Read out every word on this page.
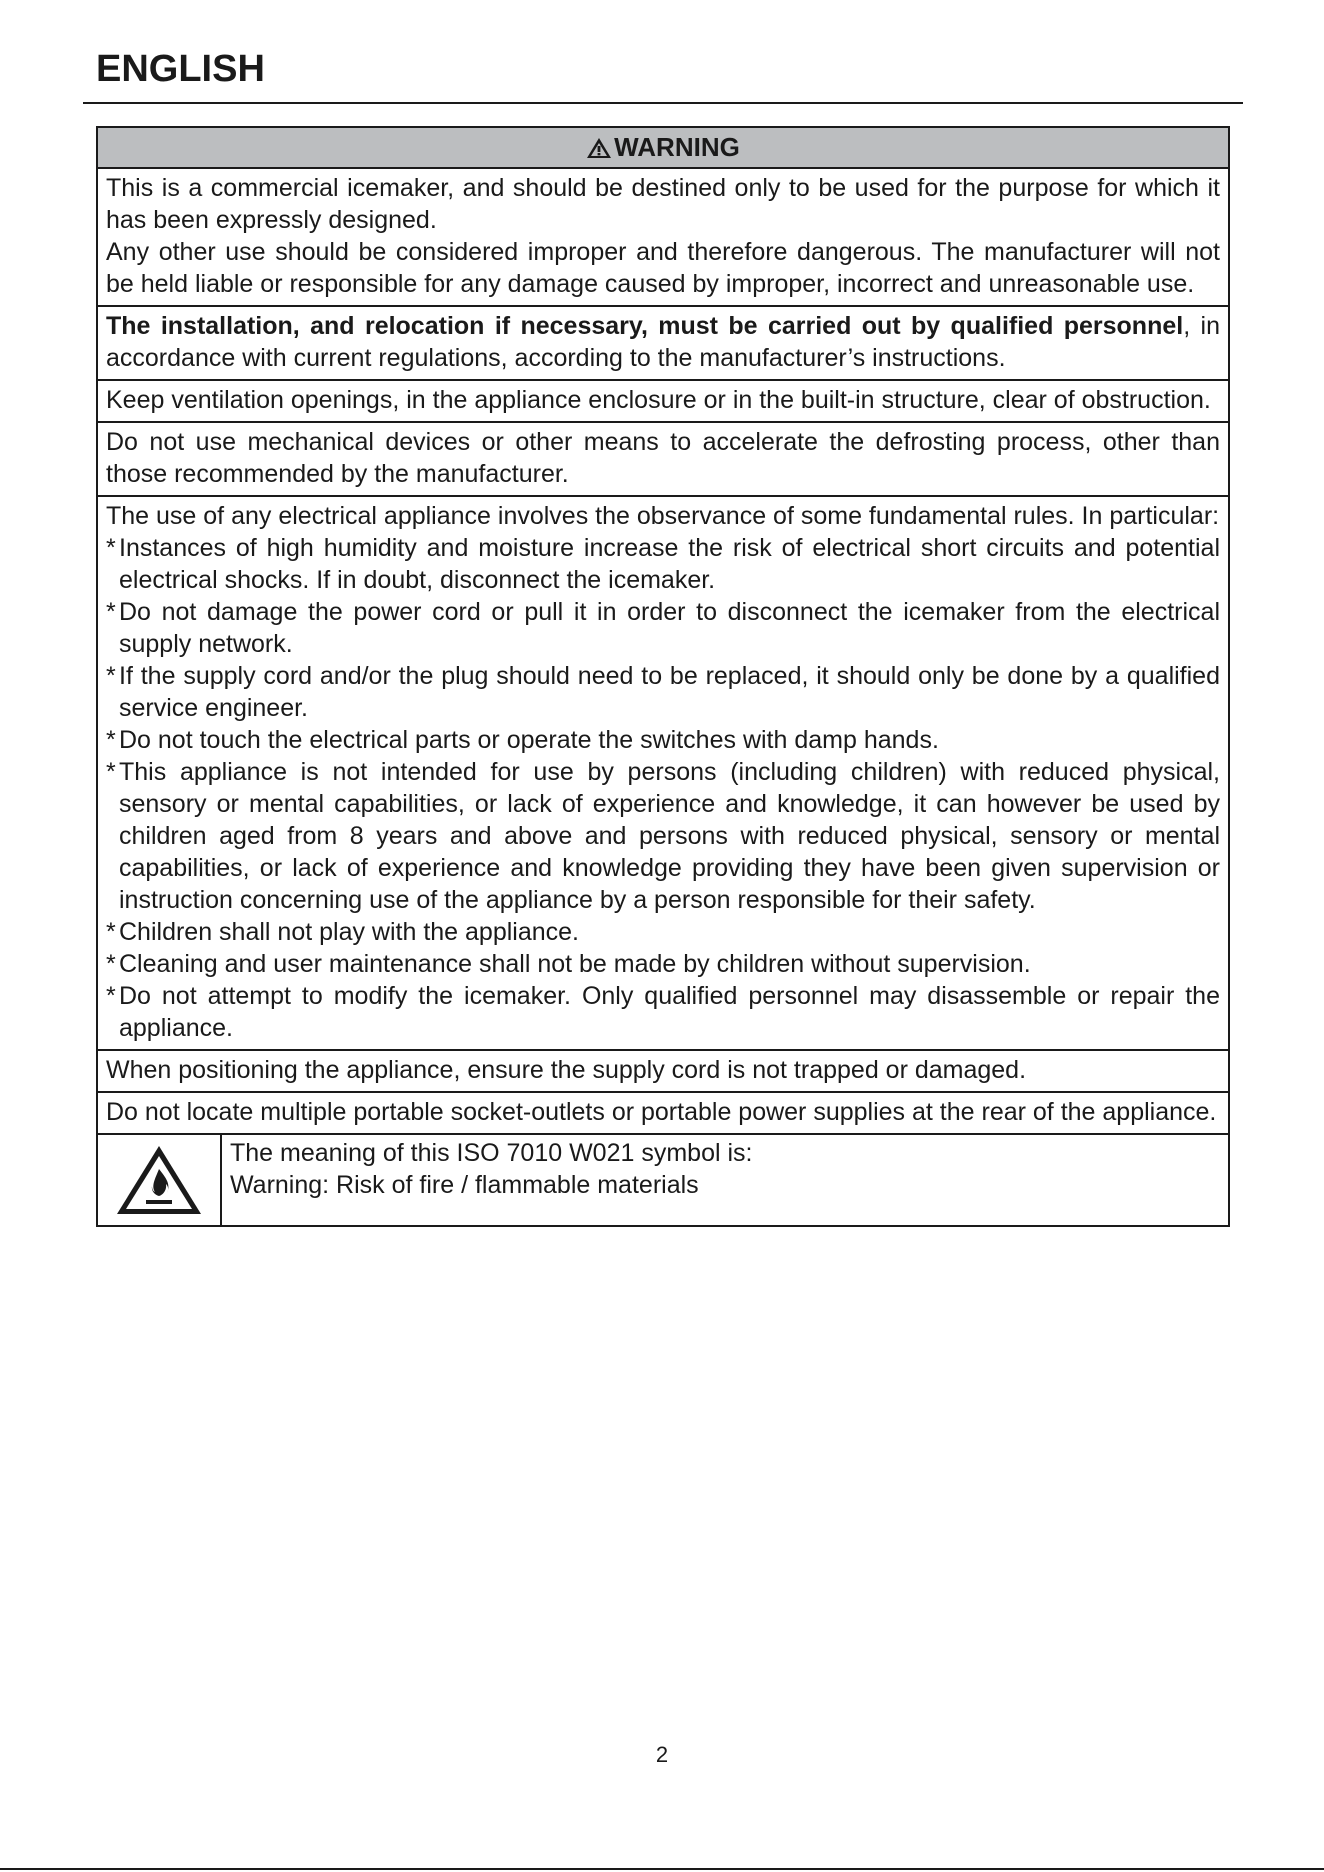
ENGLISH
WARNING

This is a commercial icemaker, and should be destined only to be used for the purpose for which it has been expressly designed.

Any other use should be considered improper and therefore dangerous. The manufacturer will not be held liable or responsible for any damage caused by improper, incorrect and unreasonable use.

The installation, and relocation if necessary, must be carried out by qualified personnel, in accordance with current regulations, according to the manufacturer’s instructions.

Keep ventilation openings, in the appliance enclosure or in the built-in structure, clear of obstruction.

Do not use mechanical devices or other means to accelerate the defrosting process, other than those recommended by the manufacturer.

The use of any electrical appliance involves the observance of some fundamental rules. In particular:

* Instances of high humidity and moisture increase the risk of electrical short circuits and potential electrical shocks. If in doubt, disconnect the icemaker.
* Do not damage the power cord or pull it in order to disconnect the icemaker from the electrical supply network.
* If the supply cord and/or the plug should need to be replaced, it should only be done by a qualified service engineer.
* Do not touch the electrical parts or operate the switches with damp hands.
* This appliance is not intended for use by persons (including children) with reduced physical, sensory or mental capabilities, or lack of experience and knowledge, it can however be used by children aged from 8 years and above and persons with reduced physical, sensory or mental capabilities, or lack of experience and knowledge providing they have been given supervision or instruction concerning use of the appliance by a person responsible for their safety.
* Children shall not play with the appliance.
* Cleaning and user maintenance shall not be made by children without supervision.
* Do not attempt to modify the icemaker. Only qualified personnel may disassemble or repair the appliance.

When positioning the appliance, ensure the supply cord is not trapped or damaged.

Do not locate multiple portable socket-outlets or portable power supplies at the rear of the appliance.

The meaning of this ISO 7010 W021 symbol is:
Warning: Risk of fire / flammable materials
2
